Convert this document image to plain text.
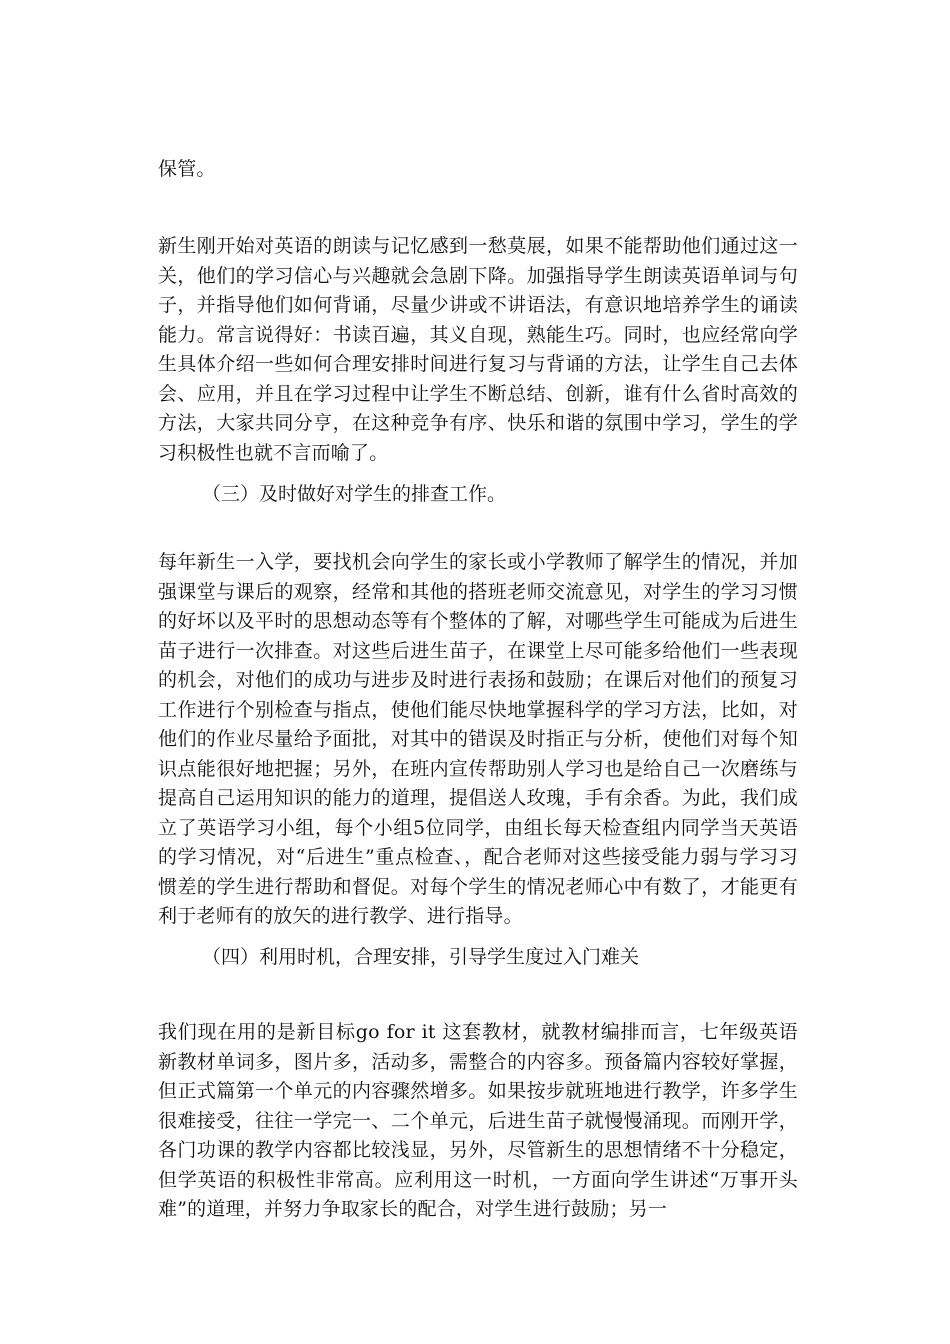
保管。

新生刚开始对英语的朗读与记忆感到一愁莫展，如果不能帮助他们通过这一关，他们的学习信心与兴趣就会急剧下降。加强指导学生朗读英语单词与句子，并指导他们如何背诵，尽量少讲或不讲语法，有意识地培养学生的诵读能力。常言说得好：书读百遍，其义自现，熟能生巧。同时，也应经常向学生具体介绍一些如何合理安排时间进行复习与背诵的方法，让学生自己去体会、应用，并且在学习过程中让学生不断总结、创新，谁有什么省时高效的方法，大家共同分亨，在这种竞争有序、快乐和谐的氛围中学习，学生的学习积极性也就不言而喻了。

（三）及时做好对学生的排查工作。

每年新生一入学，要找机会向学生的家长或小学教师了解学生的情况，并加强课堂与课后的观察，经常和其他的搭班老师交流意见，对学生的学习习惯的好坏以及平时的思想动态等有个整体的了解，对哪些学生可能成为后进生苗子进行一次排查。对这些后进生苗子，在课堂上尽可能多给他们一些表现的机会，对他们的成功与进步及时进行表扬和鼓励；在课后对他们的预复习工作进行个别检查与指点，使他们能尽快地掌握科学的学习方法，比如，对他们的作业尽量给予面批，对其中的错误及时指正与分析，使他们对每个知识点能很好地把握；另外，在班内宣传帮助别人学习也是给自己一次磨练与提高自己运用知识的能力的道理，提倡送人玫瑰，手有余香。为此，我们成立了英语学习小组，每个小组5位同学，由组长每天检查组内同学当天英语的学习情况，对“后进生”重点检查、，配合老师对这些接受能力弱与学习习惯差的学生进行帮助和督促。对每个学生的情况老师心中有数了，才能更有利于老师有的放矢的进行教学、进行指导。

（四）利用时机，合理安排，引导学生度过入门难关

我们现在用的是新目标go for it 这套教材，就教材编排而言，七年级英语新教材单词多，图片多，活动多，需整合的内容多。预备篇内容较好掌握，但正式篇第一个单元的内容骤然增多。如果按步就班地进行教学，许多学生很难接受，往往一学完一、二个单元，后进生苗子就慢慢涌现。而刚开学，各门功课的教学内容都比较浅显，另外，尽管新生的思想情绪不十分稳定，但学英语的积极性非常高。应利用这一时机，一方面向学生讲述“万事开头难”的道理，并努力争取家长的配合，对学生进行鼓励；另一
